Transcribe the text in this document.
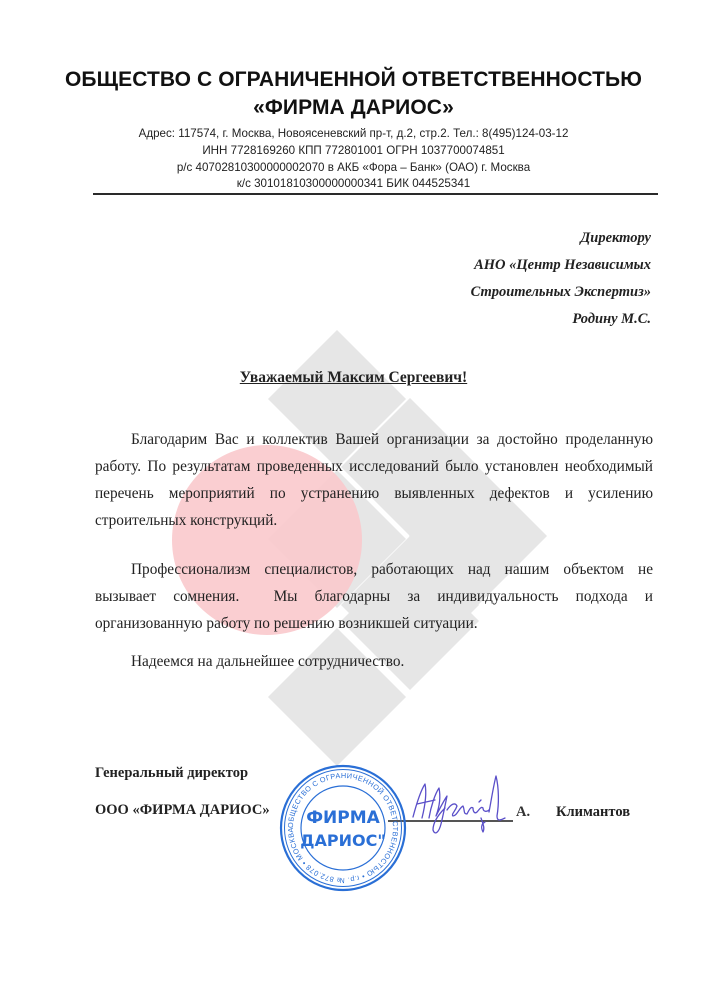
ОБЩЕСТВО С ОГРАНИЧЕННОЙ ОТВЕТСТВЕННОСТЬЮ
«ФИРМА ДАРИОС»
Адрес: 117574, г. Москва, Новоясеневский пр-т, д.2, стр.2. Тел.: 8(495)124-03-12
ИНН 7728169260 КПП 772801001 ОГРН 1037700074851
р/с 40702810300000002070 в АКБ «Фора – Банк» (ОАО) г. Москва
к/с 30101810300000000341 БИК 044525341
Директору
АНО «Центр Независимых
Строительных Экспертиз»
Родину М.С.
Уважаемый Максим Сергеевич!

Благодарим Вас и коллектив Вашей организации за достойно проделанную работу. По результатам проведенных исследований было установлен необходимый перечень мероприятий по устранению выявленных дефектов и усилению строительных конструкций.

Профессионализм специалистов, работающих над нашим объектом не вызывает сомнения.  Мы благодарны за индивидуальность подхода и организованную работу по решению возникшей ситуации.

Надеемся на дальнейшее сотрудничество.

Генеральный директор
ООО «ФИРМА ДАРИОС»	А. Климантов
ОБЩЕСТВО С ОГРАНИЧЕННОЙ ОТВЕТСТВЕННОСТЬЮ • г.р. № 872.078 • МОСКВА
ФИРМА
ДАРИОС"
